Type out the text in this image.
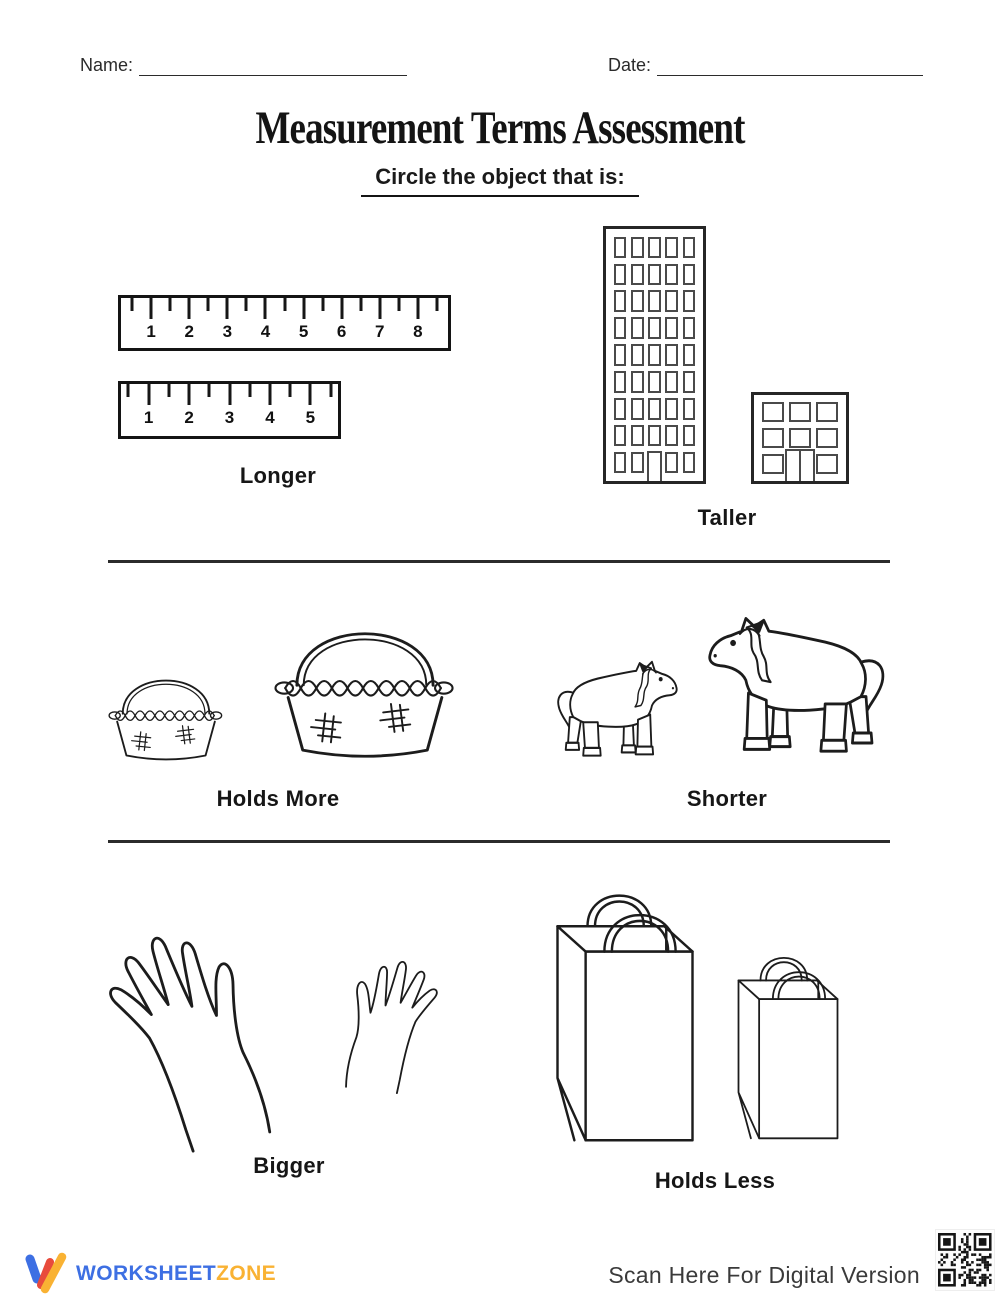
Name:	Date:
Measurement Terms Assessment
Circle the object that is:
1 2 3 4 5 6 7 8
1 2 3 4 5
Longer
Taller
Holds More	Shorter
Bigger
Holds Less
WORKSHEETZONE	Scan Here For Digital Version
